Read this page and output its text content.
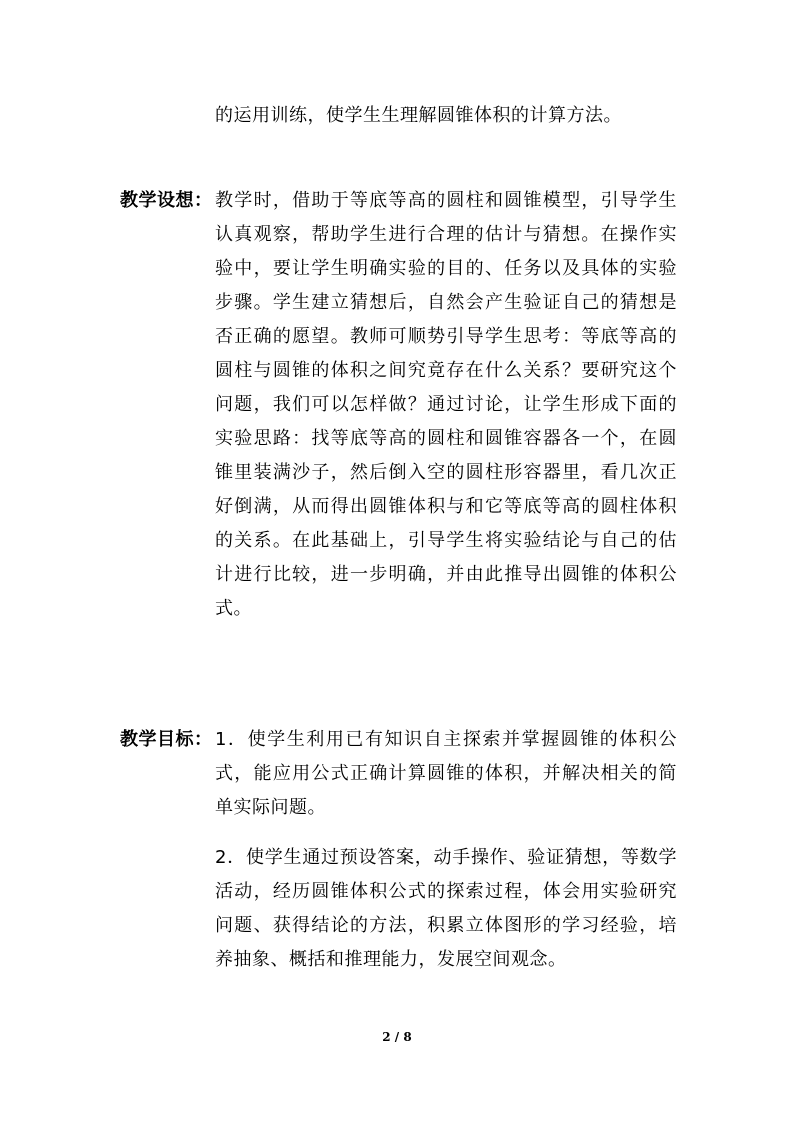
的运用训练，使学生生理解圆锥体积的计算方法。

教学设想： 教学时，借助于等底等高的圆柱和圆锥模型，引导学生认真观察，帮助学生进行合理的估计与猜想。在操作实验中，要让学生明确实验的目的、任务以及具体的实验步骤。学生建立猜想后，自然会产生验证自己的猜想是否正确的愿望。教师可顺势引导学生思考：等底等高的圆柱与圆锥的体积之间究竟存在什么关系？要研究这个问题，我们可以怎样做？通过讨论，让学生形成下面的实验思路：找等底等高的圆柱和圆锥容器各一个，在圆锥里装满沙子，然后倒入空的圆柱形容器里，看几次正好倒满，从而得出圆锥体积与和它等底等高的圆柱体积的关系。在此基础上，引导学生将实验结论与自己的估计进行比较，进一步明确，并由此推导出圆锥的体积公式。

教学目标： 1．使学生利用已有知识自主探索并掌握圆锥的体积公式，能应用公式正确计算圆锥的体积，并解决相关的简单实际问题。

2．使学生通过预设答案，动手操作、验证猜想，等数学活动，经历圆锥体积公式的探索过程，体会用实验研究问题、获得结论的方法，积累立体图形的学习经验，培养抽象、概括和推理能力，发展空间观念。

2 / 8
